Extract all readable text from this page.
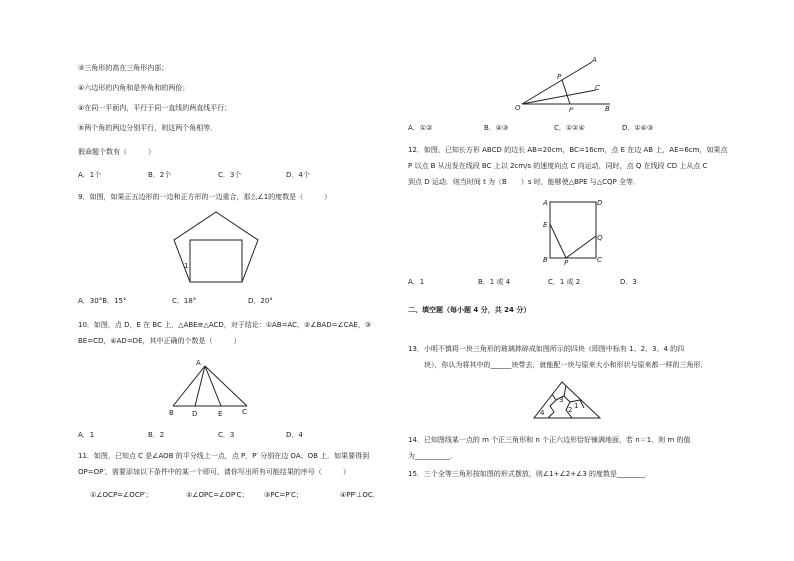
③三角形的高在三角形内部；
④六边形的内角和是外角和的两倍；
④在同一平面内，平行于同一直线的两直线平行；
⑤两个角的两边分别平行，则这两个角相等．
假命题个数有（　　　）
A．1个	B．2个	C．3个	D．4个
9．如图，如果正五边形的一边和正方形的一边重合，那么∠1的度数是（　　　）
1
A．30°B．15°	C．18°	D．20°
10．如图，点 D，E 在 BC 上，△ABE≌△ACD，对于结论：①AB=AC，②∠BAD=∠CAE，③
BE=CD，④AD=DE，其中正确的个数是（　　　）
A
B	D	E	C
A．1	B．2	C．3	D．4
11．如图，已知点 C 是∠AOB 的平分线上一点，点 P，P′ 分别在边 OA、OB 上．如果要得到
OP=OP′，需要添加以下条件中的某一个即可，请你写出所有可能结果的序号（　　　）
①∠OCP=∠OCP′；	②∠OPC=∠OP′C； ③PC=P′C；	④PP′⊥OC．
A
P
C
O	P′	B
A．①②	B．④③	C．①②④	D．①④③
12．如图，已知长方形 ABCD 的边长 AB=20cm，BC=16cm，点 E 在边 AB 上，AE=6cm，如果点
P 以点 B 从出发在线段 BC 上以 2cm/s 的速度向点 C 向运动，同时，点 Q 在线段 CD 上从点 C
到点 D 运动．则当时间 t 为（B　　）s 时，能够使△BPE 与△CQP 全等．
A	D
E
Q
B P	C
A．1	B．1 或 4	C．1 或 2	D．3
二、填空题（每小题 4 分，共 24 分）
13．小明不慎将一块三角形的玻璃摔碎成如图所示的四块（即图中标有 1、2、3、4 的四
块），你认为将其中的______块带去，就能配一块与原来大小和形状与原来都一样的三角形．
3
1
2
4
14．已知图线某一点的 m 个正三角形和 n 个正六边形恰好铺满地面，若 n＝1，则 m 的值
为__________．
15．三个全等三角形按如图的形式摆放，则∠1+∠2+∠3 的度数是________．
